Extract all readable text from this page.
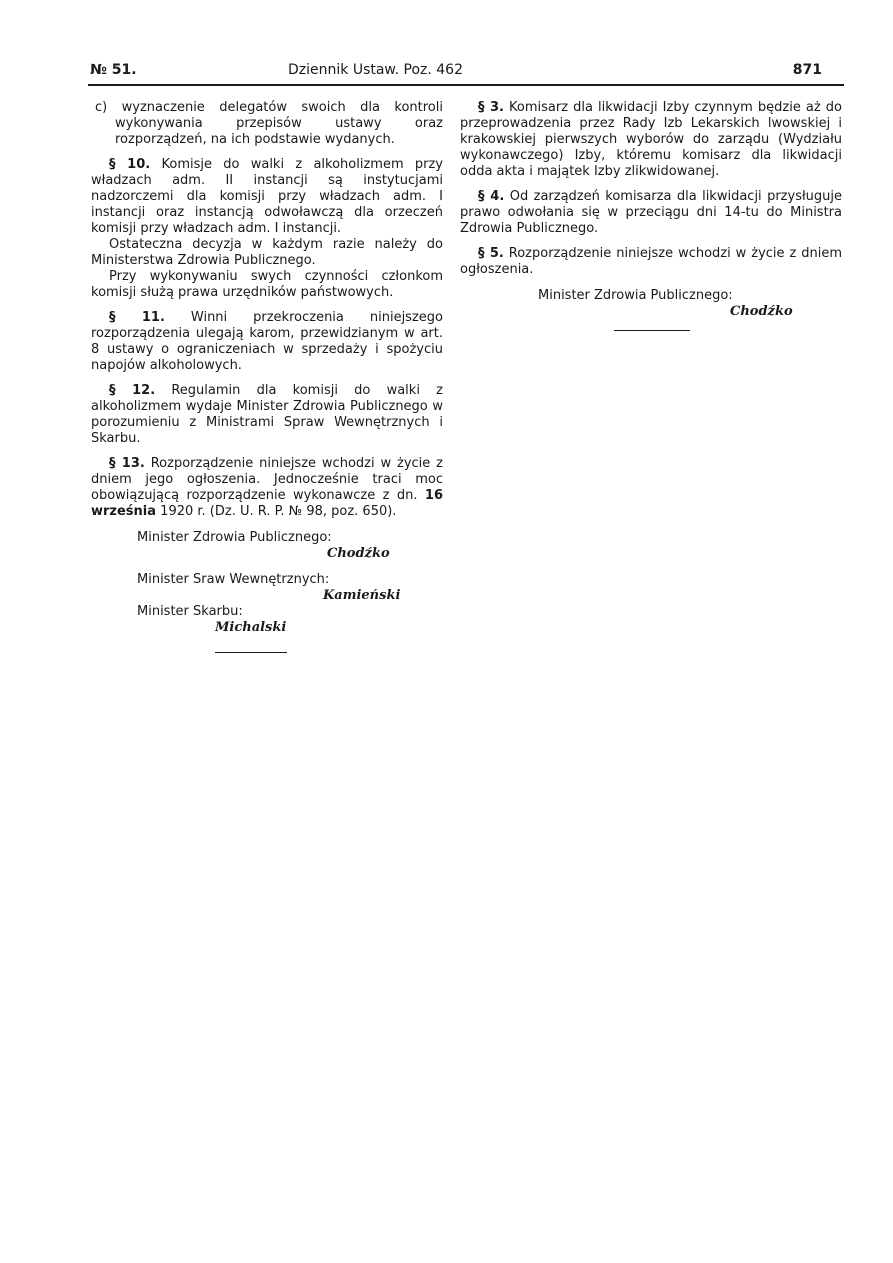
№ 51.	Dziennik Ustaw. Poz. 462	871

c) wyznaczenie delegatów swoich dla kontroli wykonywania przepisów ustawy oraz rozporządzeń, na ich podstawie wydanych.

§ 10. Komisje do walki z alkoholizmem przy władzach adm. II instancji są instytucjami nadzorczemi dla komisji przy władzach adm. I instancji oraz instancją odwoławczą dla orzeczeń komisji przy władzach adm. I instancji.

Ostateczna decyzja w każdym razie należy do Ministerstwa Zdrowia Publicznego.

Przy wykonywaniu swych czynności członkom komisji służą prawa urzędników państwowych.

§ 11. Winni przekroczenia niniejszego rozporządzenia ulegają karom, przewidzianym w art. 8 ustawy o ograniczeniach w sprzedaży i spożyciu napojów alkoholowych.

§ 12. Regulamin dla komisji do walki z alkoholizmem wydaje Minister Zdrowia Publicznego w porozumieniu z Ministrami Spraw Wewnętrznych i Skarbu.

§ 13. Rozporządzenie niniejsze wchodzi w życie z dniem jego ogłoszenia. Jednocześnie traci moc obowiązującą rozporządzenie wykonawcze z dn. 16 września 1920 r. (Dz. U. R. P. № 98, poz. 650).

Minister Zdrowia Publicznego:

Chodźko

Minister Sraw Wewnętrznych:

Kamieński

Minister Skarbu:

Michalski

§ 3. Komisarz dla likwidacji Izby czynnym będzie aż do przeprowadzenia przez Rady Izb Lekarskich lwowskiej i krakowskiej pierwszych wyborów do zarządu (Wydziału wykonawczego) Izby, któremu komisarz dla likwidacji odda akta i majątek Izby zlikwidowanej.

§ 4. Od zarządzeń komisarza dla likwidacji przysługuje prawo odwołania się w przeciągu dni 14-tu do Ministra Zdrowia Publicznego.

§ 5. Rozporządzenie niniejsze wchodzi w życie z dniem ogłoszenia.

Minister Zdrowia Publicznego:

Chodźko
